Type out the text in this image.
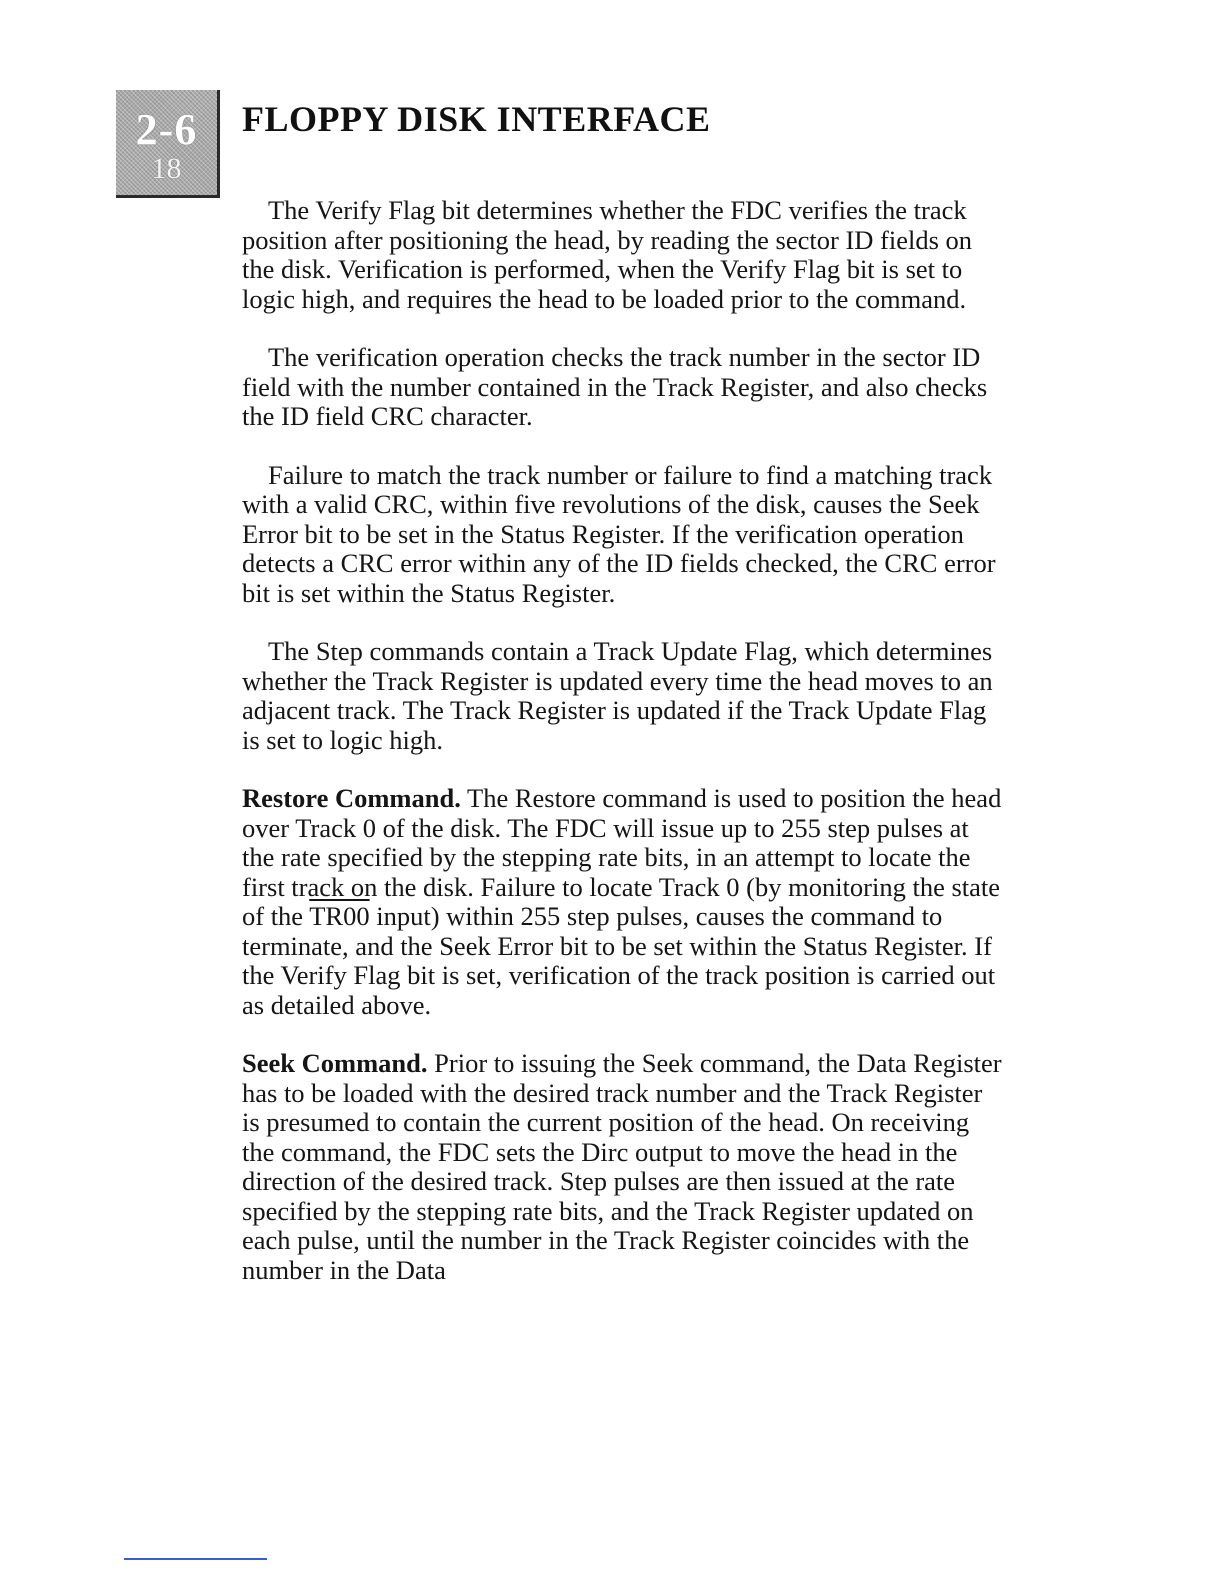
2-6
18
FLOPPY DISK INTERFACE

The Verify Flag bit determines whether the FDC verifies the track position after positioning the head, by reading the sector ID fields on the disk. Verification is performed, when the Verify Flag bit is set to logic high, and requires the head to be loaded prior to the command.

The verification operation checks the track number in the sector ID field with the number contained in the Track Register, and also checks the ID field CRC character.

Failure to match the track number or failure to find a matching track with a valid CRC, within five revolutions of the disk, causes the Seek Error bit to be set in the Status Register. If the verification operation detects a CRC error within any of the ID fields checked, the CRC error bit is set within the Status Register.

The Step commands contain a Track Update Flag, which determines whether the Track Register is updated every time the head moves to an adjacent track. The Track Register is updated if the Track Update Flag is set to logic high.

Restore Command. The Restore command is used to position the head over Track 0 of the disk. The FDC will issue up to 255 step pulses at the rate specified by the stepping rate bits, in an attempt to locate the first track on the disk. Failure to locate Track 0 (by monitoring the state of the TR00 input) within 255 step pulses, causes the command to terminate, and the Seek Error bit to be set within the Status Register. If the Verify Flag bit is set, verification of the track position is carried out as detailed above.

Seek Command. Prior to issuing the Seek command, the Data Register has to be loaded with the desired track number and the Track Register is presumed to contain the current position of the head. On receiving the command, the FDC sets the Dirc output to move the head in the direction of the desired track. Step pulses are then issued at the rate specified by the stepping rate bits, and the Track Register updated on each pulse, until the number in the Track Register coincides with the number in the Data
